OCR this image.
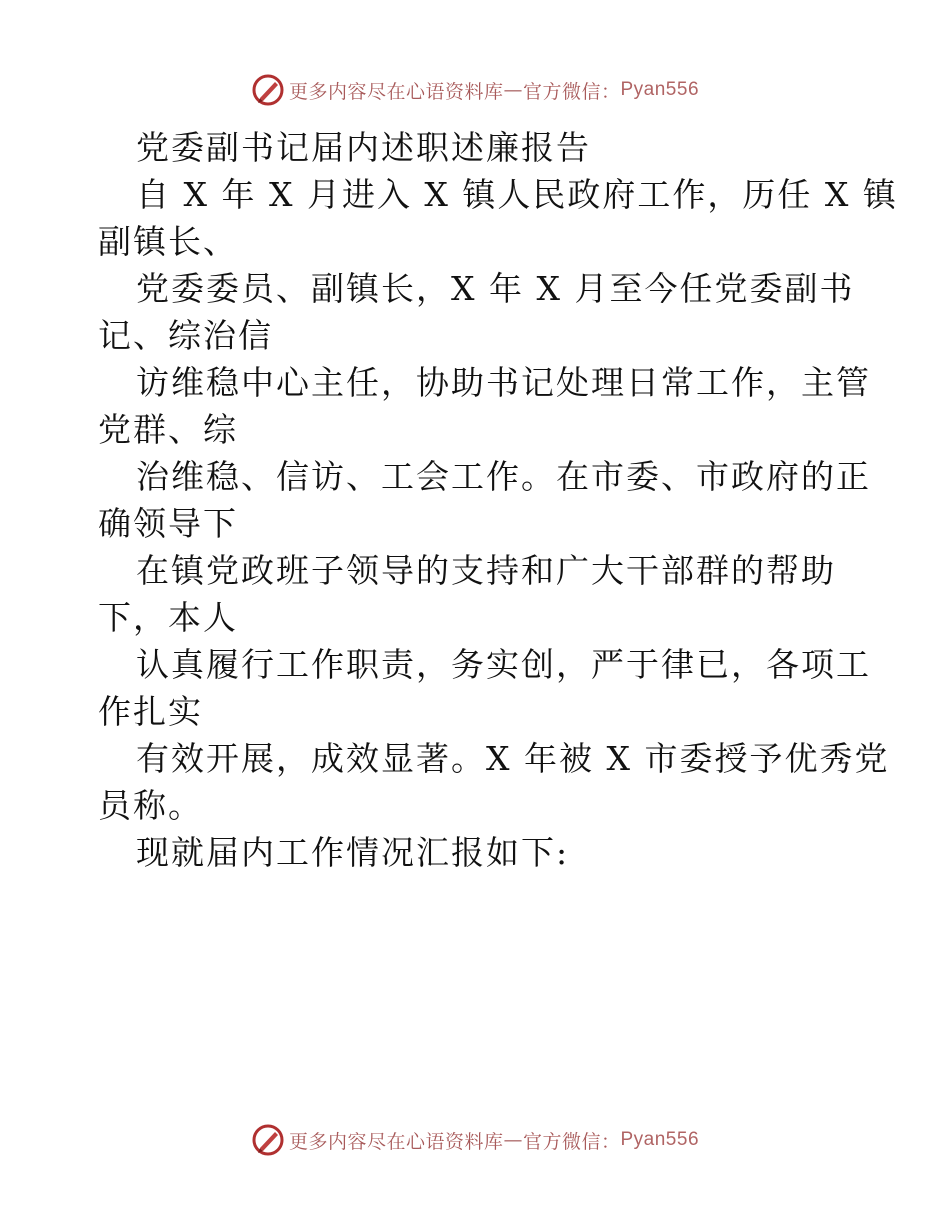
更多内容尽在心语资料库 — 官方微信： Pyan556
党委副书记届内述职述廉报告
自 X 年 X 月进入 X 镇人民政府工作，历任 X 镇
副镇长、
党委委员、副镇长，X 年 X 月至今任党委副书
记、综治信
访维稳中心主任，协助书记处理日常工作，主管
党群、综
治维稳、信访、工会工作。在市委、市政府的正
确领导下
在镇党政班子领导的支持和广大干部群的帮助
下，本人
认真履行工作职责，务实创，严于律已，各项工
作扎实
有效开展，成效显著。X 年被 X 市委授予优秀党
员称。
现就届内工作情况汇报如下:
更多内容尽在心语资料库 — 官方微信： Pyan556
